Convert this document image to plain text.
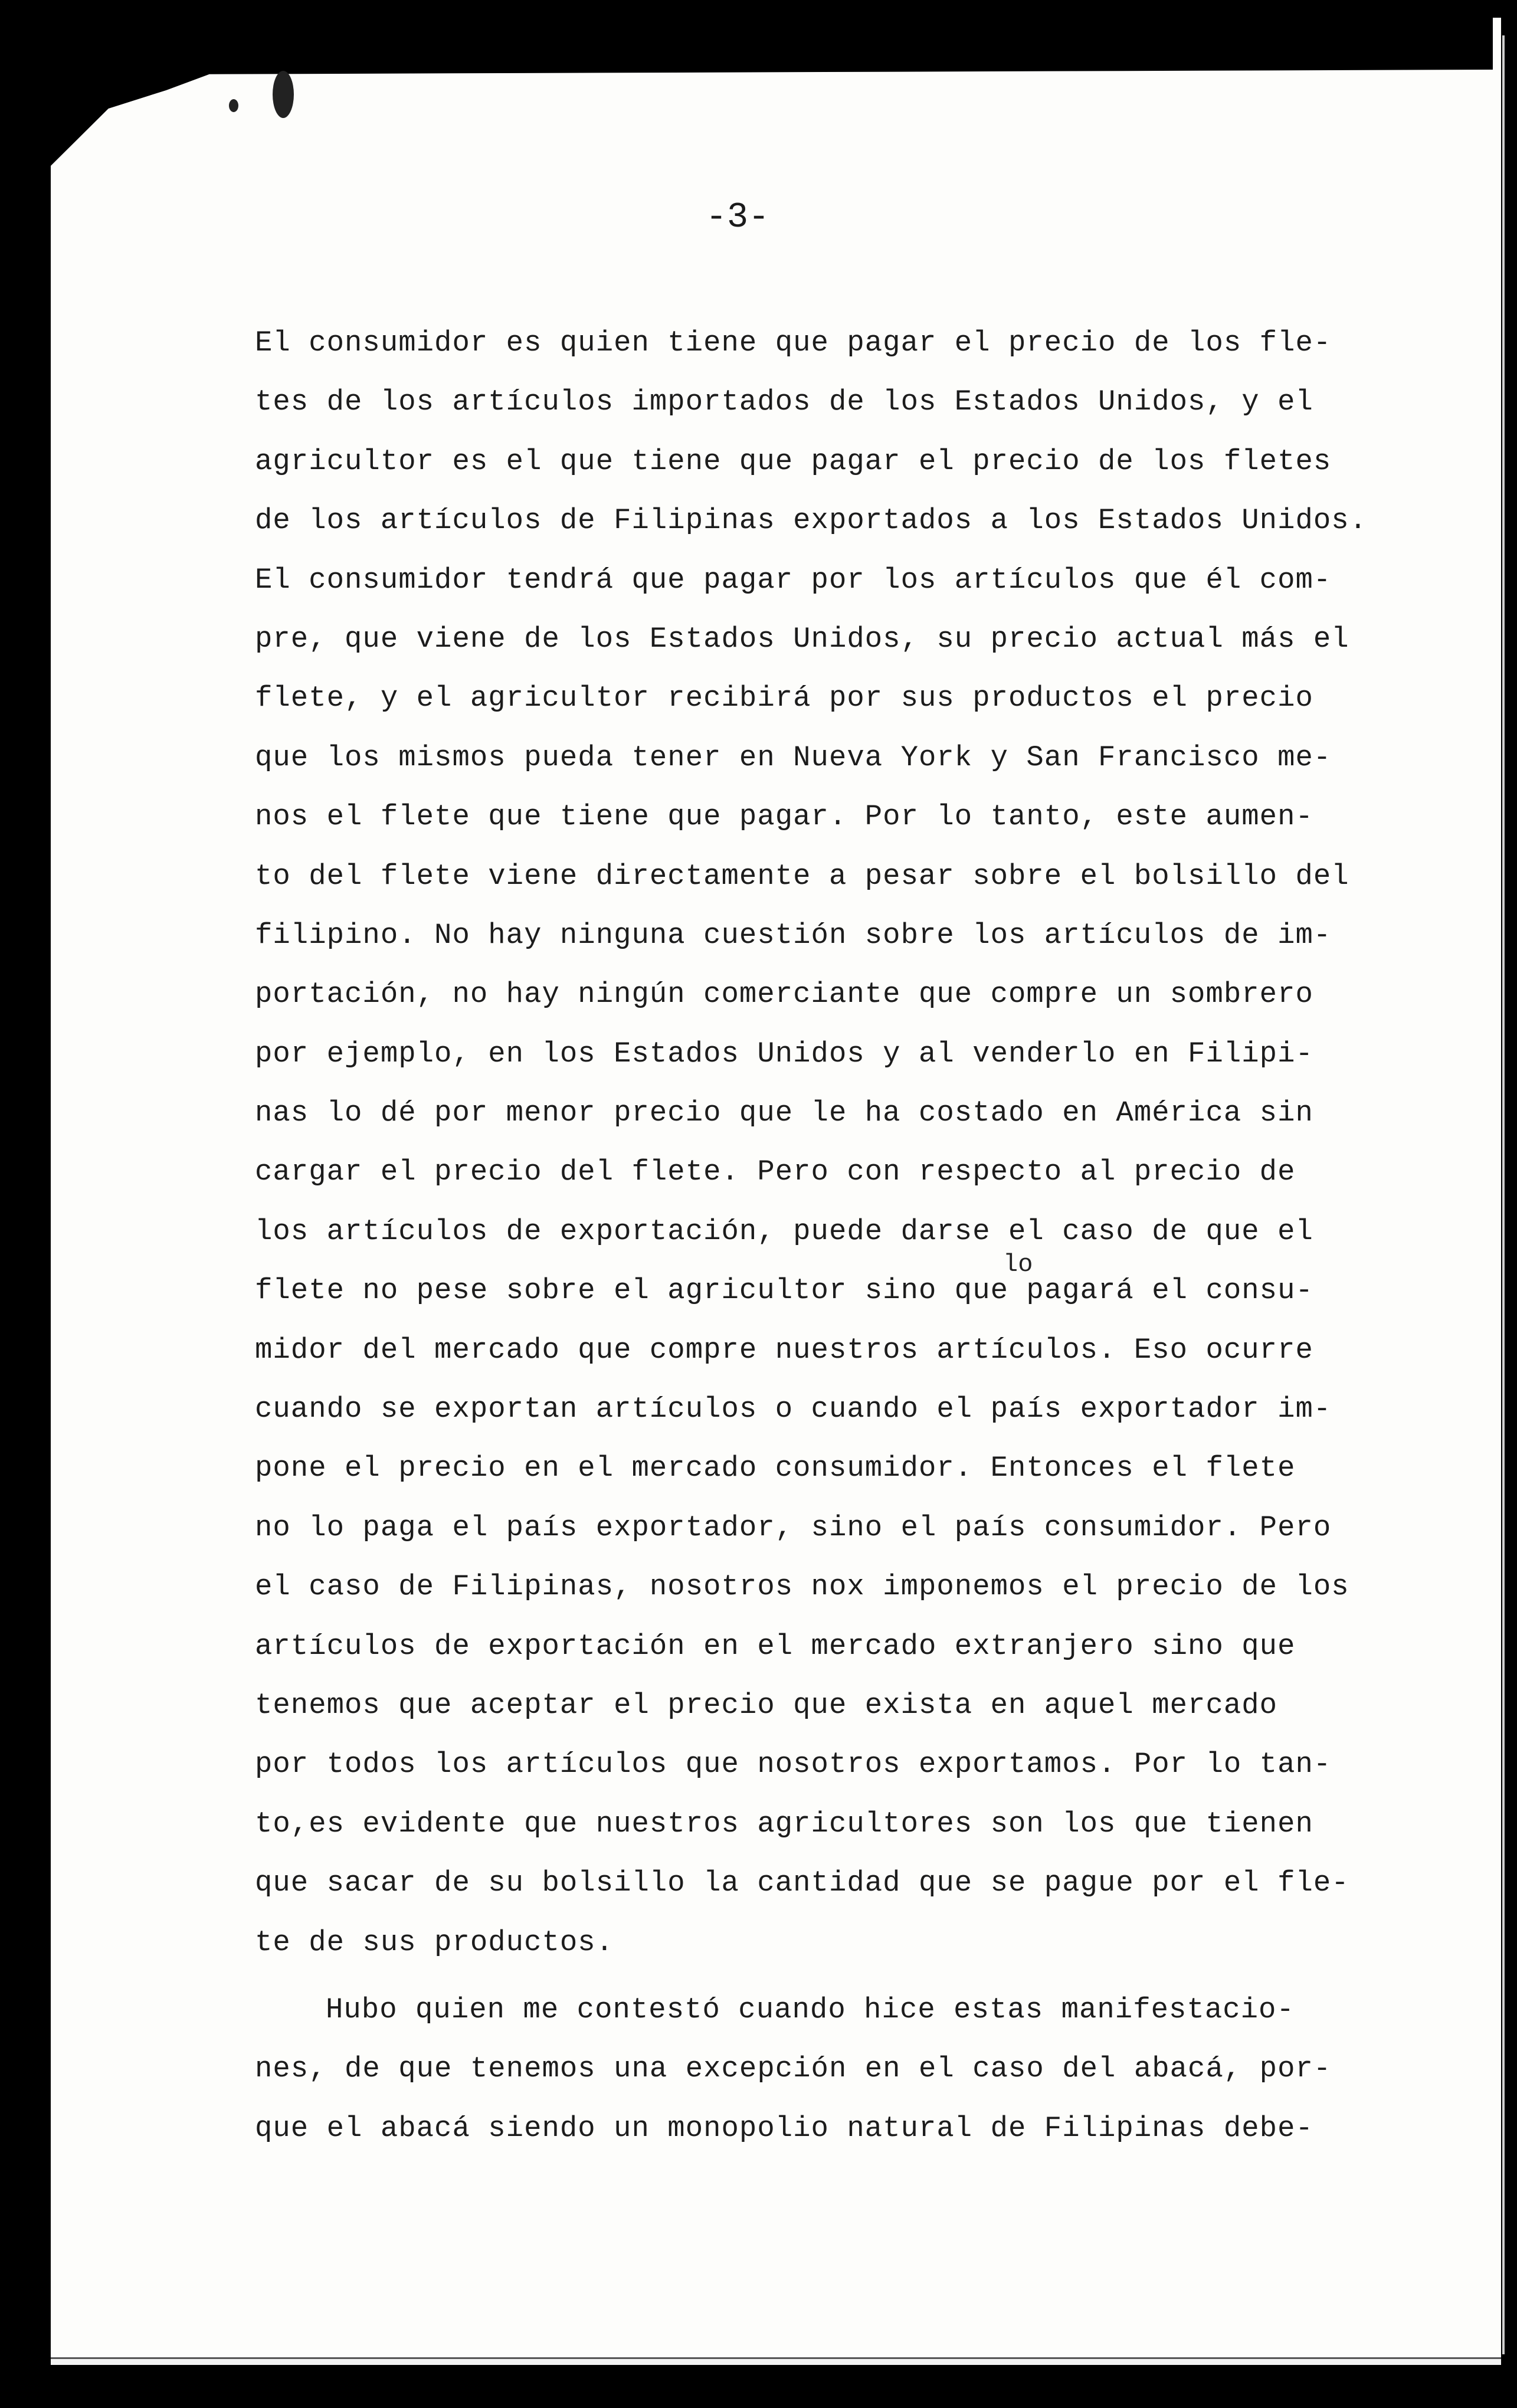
-3-
lo
El consumidor es quien tiene que pagar el precio de los fle-
tes de los artículos importados de los Estados Unidos, y el
agricultor es el que tiene que pagar el precio de los fletes
de los artículos de Filipinas exportados a los Estados Unidos.
El consumidor tendrá que pagar por los artículos que él com-
pre, que viene de los Estados Unidos, su precio actual más el
flete, y el agricultor recibirá por sus productos el precio
que los mismos pueda tener en Nueva York y San Francisco me-
nos el flete que tiene que pagar. Por lo tanto, este aumen-
to del flete viene directamente a pesar sobre el bolsillo del
filipino. No hay ninguna cuestión sobre los artículos de im-
portación, no hay ningún comerciante que compre un sombrero
por ejemplo, en los Estados Unidos y al venderlo en Filipi-
nas lo dé por menor precio que le ha costado en América sin
cargar el precio del flete. Pero con respecto al precio de
los artículos de exportación, puede darse el caso de que el
flete no pese sobre el agricultor sino que pagará el consu-
midor del mercado que compre nuestros artículos. Eso ocurre
cuando se exportan artículos o cuando el país exportador im-
pone el precio en el mercado consumidor. Entonces el flete
no lo paga el país exportador, sino el país consumidor. Pero
el caso de Filipinas, nosotros nox imponemos el precio de los
artículos de exportación en el mercado extranjero sino que
tenemos que aceptar el precio que exista en aquel mercado
por todos los artículos que nosotros exportamos. Por lo tan-
to,es evidente que nuestros agricultores son los que tienen
que sacar de su bolsillo la cantidad que se pague por el fle-
te de sus productos.
Hubo quien me contestó cuando hice estas manifestacio-
nes, de que tenemos una excepción en el caso del abacá, por-
que el abacá siendo un monopolio natural de Filipinas debe-
